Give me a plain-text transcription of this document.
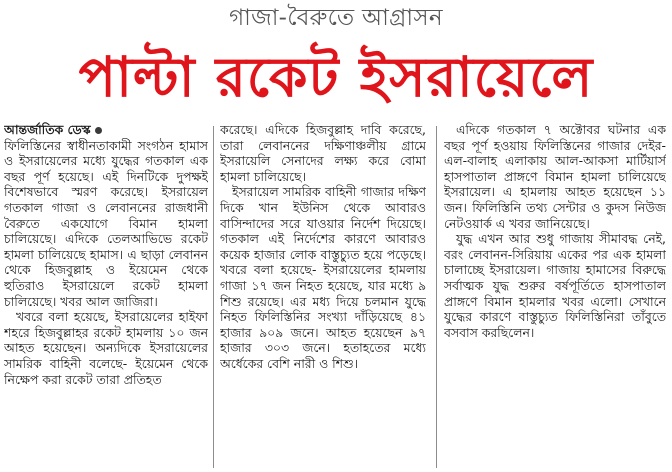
গাজা-বৈরুতে আগ্রাসন
পাল্টা রকেট ইসরায়েলে

আন্তর্জাতিক ডেস্ক

ফিলিস্তিনের স্বাধীনতাকামী সংগঠন হামাস ও ইসরায়েলের মধ্যে যুদ্ধের গতকাল এক বছর পূর্ণ হয়েছে। এই দিনটিকে দুপক্ষই বিশেষভাবে স্মরণ করেছে। ইসরায়েল গতকাল গাজা ও লেবাননের রাজধানী বৈরুতে একযোগে বিমান হামলা চালিয়েছে। এদিকে তেলআভিভে রকেট হামলা চালিয়েছে হামাস। এ ছাড়া লেবানন থেকে হিজবুল্লাহ ও ইয়েমেন থেকে হুতিরাও ইসরায়েলে রকেট হামলা চালিয়েছে। খবর আল জাজিরা।

খবরে বলা হয়েছে, ইসরায়েলের হাইফা শহরে হিজবুল্লাহর রকেট হামলায় ১০ জন আহত হয়েছেন। অন্যদিকে ইসরায়েলের সামরিক বাহিনী বলেছে- ইয়েমেন থেকে নিক্ষেপ করা রকেট তারা প্রতিহত

করেছে। এদিকে হিজবুল্লাহ দাবি করেছে, তারা লেবাননের দক্ষিণাঞ্চলীয় গ্রামে ইসরায়েলি সেনাদের লক্ষ্য করে বোমা হামলা চালিয়েছে।

ইসরায়েল সামরিক বাহিনী গাজার দক্ষিণ দিকে খান ইউনিস থেকে আবারও বাসিন্দাদের সরে যাওয়ার নির্দেশ দিয়েছে। গতকাল এই নির্দেশের কারণে আবারও কয়েক হাজার লোক বাস্তুচ্যুত হয়ে পড়েছে। খবরে বলা হয়েছে- ইসরায়েলের হামলায় গাজা ১৭ জন নিহত হয়েছে, যার মধ্যে ৯ শিশু রয়েছে। এর মধ্য দিয়ে চলমান যুদ্ধে নিহত ফিলিস্তিনির সংখ্যা দাঁড়িয়েছে ৪১ হাজার ৯০৯ জনে। আহত হয়েছেন ৯৭ হাজার ৩০৩ জনে। হতাহতের মধ্যে অর্ধেকের বেশি নারী ও শিশু।

এদিকে গতকাল ৭ অক্টোবর ঘটনার এক বছর পূর্ণ হওয়ায় ফিলিস্তিনের গাজার দেইর-এল-বালাহ এলাকায় আল-আকসা মার্টিয়ার্স হাসপাতাল প্রাঙ্গণে বিমান হামলা চালিয়েছে ইসরায়েল। এ হামলায় আহত হয়েছেন ১১ জন। ফিলিস্তিনি তথ্য সেন্টার ও কুদস নিউজ নেটওয়ার্ক এ খবর জানিয়েছে।

যুদ্ধ এখন আর শুধু গাজায় সীমাবদ্ধ নেই, বরং লেবানন-সিরিয়ায় একের পর এক হামলা চালাচ্ছে ইসরায়েল। গাজায় হামাসের বিরুদ্ধে সর্বাত্মক যুদ্ধ শুরুর বর্ষপূর্তিতে হাসপাতাল প্রাঙ্গণে বিমান হামলার খবর এলো। সেখানে যুদ্ধের কারণে বাস্তুচ্যুত ফিলিস্তিনিরা তাঁবুতে বসবাস করছিলেন।
